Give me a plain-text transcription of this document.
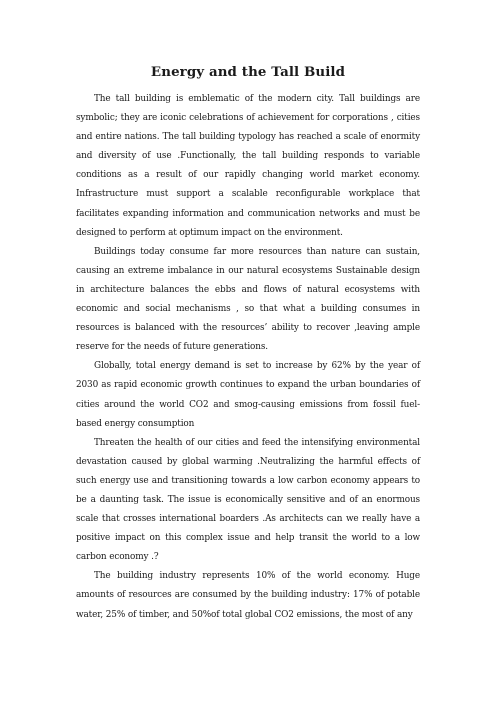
Energy and the Tall Build

The tall building is emblematic of the modern city. Tall buildings are symbolic; they are iconic celebrations of achievement for corporations , cities and entire nations. The tall building typology has reached a scale of enormity and diversity of use .Functionally, the tall building responds to variable conditions as a result of our rapidly changing world market economy. Infrastructure must support a scalable reconfigurable workplace that facilitates expanding information and communication networks and must be designed to perform at optimum impact on the environment.

Buildings today consume far more resources than nature can sustain, causing an extreme imbalance in our natural ecosystems Sustainable design in architecture balances the ebbs and flows of natural ecosystems with economic and social mechanisms , so that what a building consumes in resources is balanced with the resources’ ability to recover ,leaving ample reserve for the needs of future generations.

Globally, total energy demand is set to increase by 62% by the year of 2030 as rapid economic growth continues to expand the urban boundaries of cities around the world CO2 and smog-causing emissions from fossil fuel-based energy consumption

Threaten the health of our cities and feed the intensifying environmental devastation caused by global warming .Neutralizing the harmful effects of such energy use and transitioning towards a low carbon economy appears to be a daunting task. The issue is economically sensitive and of an enormous scale that crosses international boarders .As architects can we really have a positive impact on this complex issue and help transit the world to a low carbon economy .?

The building industry represents 10% of the world economy. Huge amounts of resources are consumed by the building industry: 17% of potable water, 25% of timber, and 50%of total global CO2 emissions, the most of any
